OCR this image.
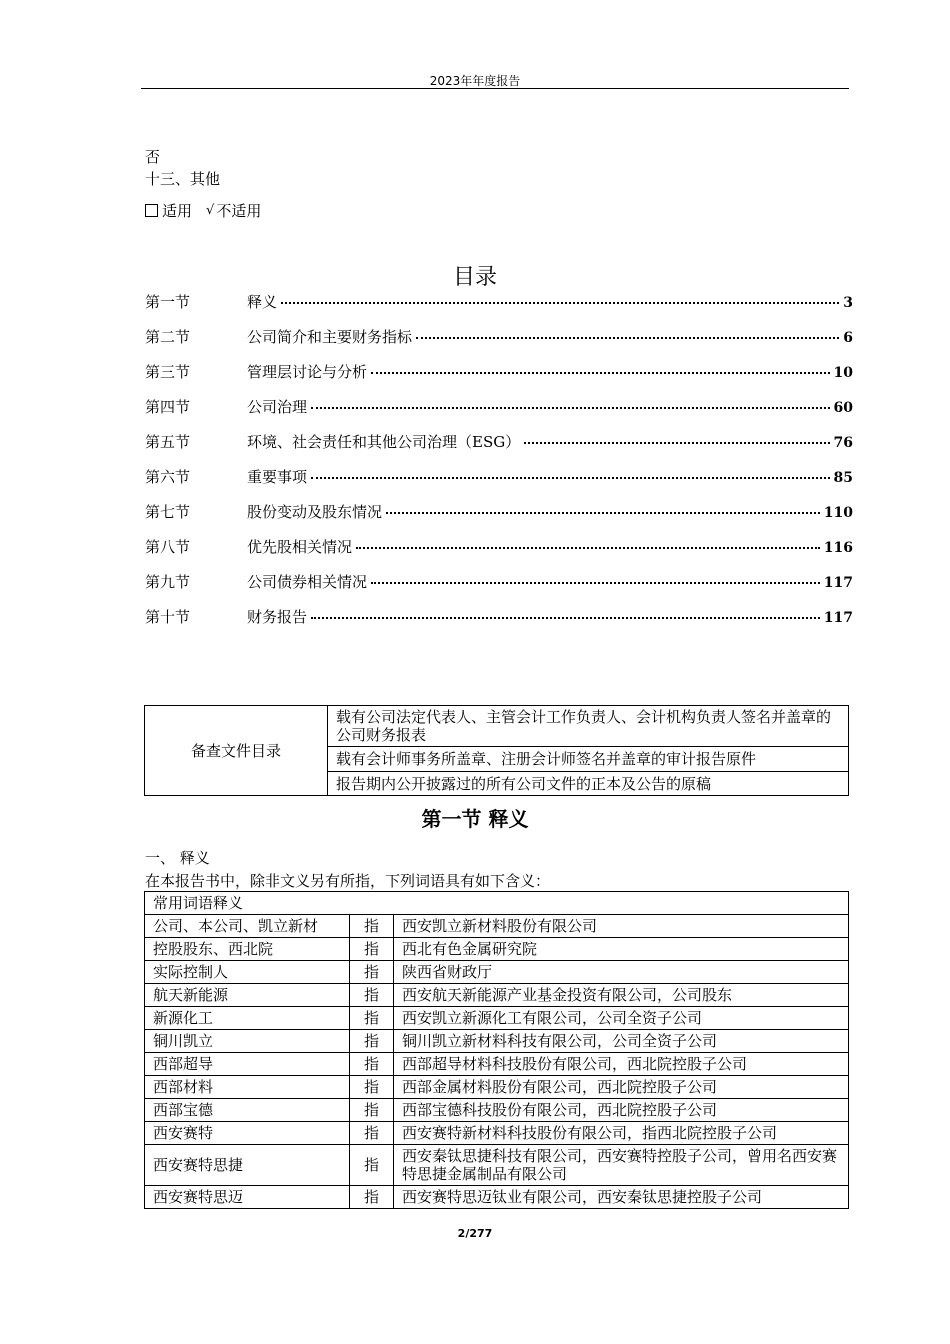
2023年年度报告
否
十三、其他
适用 √ 不适用
目录
第一节	释义	3
第二节	公司简介和主要财务指标	6
第三节	管理层讨论与分析	10
第四节	公司治理	60
第五节	环境、社会责任和其他公司治理（ESG）	76
第六节	重要事项	85
第七节	股份变动及股东情况	110
第八节	优先股相关情况	116
第九节	公司债券相关情况	117
第十节	财务报告	117
备查文件目录	载有公司法定代表人、主管会计工作负责人、会计机构负责人签名并盖章的公司财务报表
载有会计师事务所盖章、注册会计师签名并盖章的审计报告原件
报告期内公开披露过的所有公司文件的正本及公告的原稿
第一节 释义
一、 释义
在本报告书中，除非文义另有所指，下列词语具有如下含义：
常用词语释义		
公司、本公司、凯立新材	指	西安凯立新材料股份有限公司
控股股东、西北院	指	西北有色金属研究院
实际控制人	指	陕西省财政厅
航天新能源	指	西安航天新能源产业基金投资有限公司，公司股东
新源化工	指	西安凯立新源化工有限公司，公司全资子公司
铜川凯立	指	铜川凯立新材料科技有限公司，公司全资子公司
西部超导	指	西部超导材料科技股份有限公司，西北院控股子公司
西部材料	指	西部金属材料股份有限公司，西北院控股子公司
西部宝德	指	西部宝德科技股份有限公司，西北院控股子公司
西安赛特	指	西安赛特新材料科技股份有限公司，指西北院控股子公司
西安赛特思捷	指	西安秦钛思捷科技有限公司，西安赛特控股子公司，曾用名西安赛特思捷金属制品有限公司
西安赛特思迈	指	西安赛特思迈钛业有限公司，西安秦钛思捷控股子公司
2/277
